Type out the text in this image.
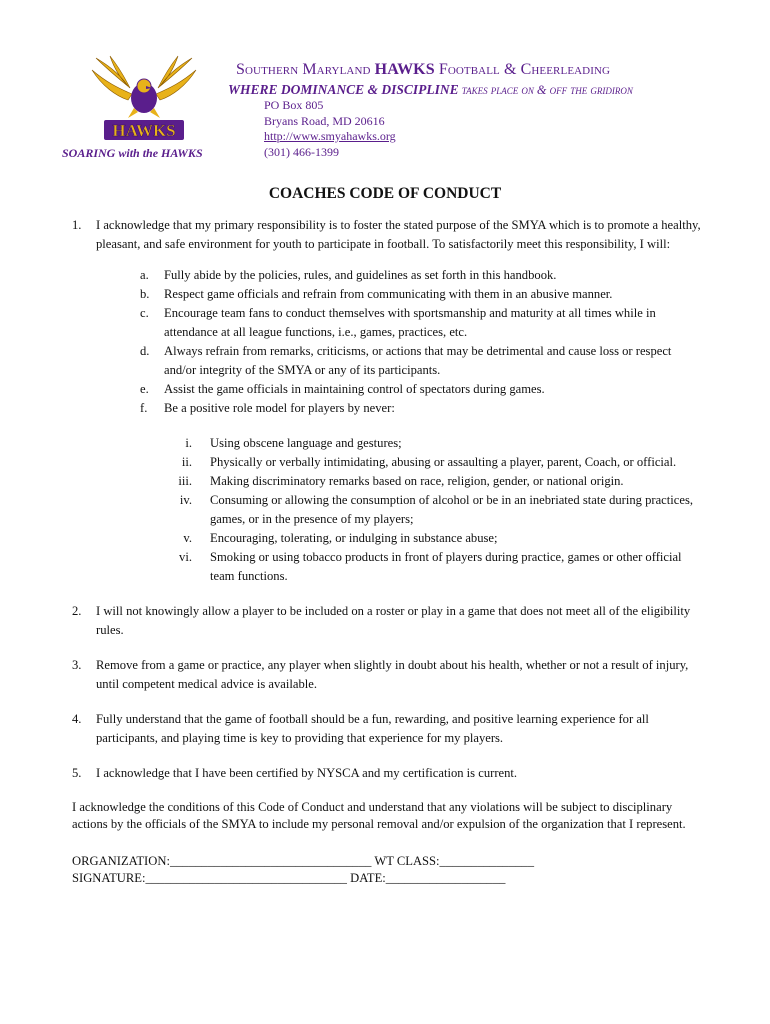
HAWKS
SOARING with the HAWKS
Southern Maryland HAWKS Football & Cheerleading
WHERE DOMINANCE & DISCIPLINE takes place on & off the gridiron
PO Box 805
Bryans Road, MD 20616
http://www.smyahawks.org
(301) 466-1399
COACHES CODE OF CONDUCT
1. I acknowledge that my primary responsibility is to foster the stated purpose of the SMYA which is to promote a healthy, pleasant, and safe environment for youth to participate in football. To satisfactorily meet this responsibility, I will:
a.	Fully abide by the policies, rules, and guidelines as set forth in this handbook.
b.	Respect game officials and refrain from communicating with them in an abusive manner.
c.	Encourage team fans to conduct themselves with sportsmanship and maturity at all times while in attendance at all league functions, i.e., games, practices, etc.
d.	Always refrain from remarks, criticisms, or actions that may be detrimental and cause loss or respect and/or integrity of the SMYA or any of its participants.
e.	Assist the game officials in maintaining control of spectators during games.
f.	Be a positive role model for players by never:
i. Using obscene language and gestures;
ii. Physically or verbally intimidating, abusing or assaulting a player, parent, Coach, or official.
iii. Making discriminatory remarks based on race, religion, gender, or national origin.
iv. Consuming or allowing the consumption of alcohol or be in an inebriated state during practices, games, or in the presence of my players;
v. Encouraging, tolerating, or indulging in substance abuse;
vi. Smoking or using tobacco products in front of players during practice, games or other official team functions.
2. I will not knowingly allow a player to be included on a roster or play in a game that does not meet all of the eligibility rules.
3. Remove from a game or practice, any player when slightly in doubt about his health, whether or not a result of injury, until competent medical advice is available.
4. Fully understand that the game of football should be a fun, rewarding, and positive learning experience for all participants, and playing time is key to providing that experience for my players.
5. I acknowledge that I have been certified by NYSCA and my certification is current.
I acknowledge the conditions of this Code of Conduct and understand that any violations will be subject to disciplinary actions by the officials of the SMYA to include my personal removal and/or expulsion of the organization that I represent.
ORGANIZATION:________________________________ WT CLASS:_______________
SIGNATURE:________________________________ DATE:___________________
